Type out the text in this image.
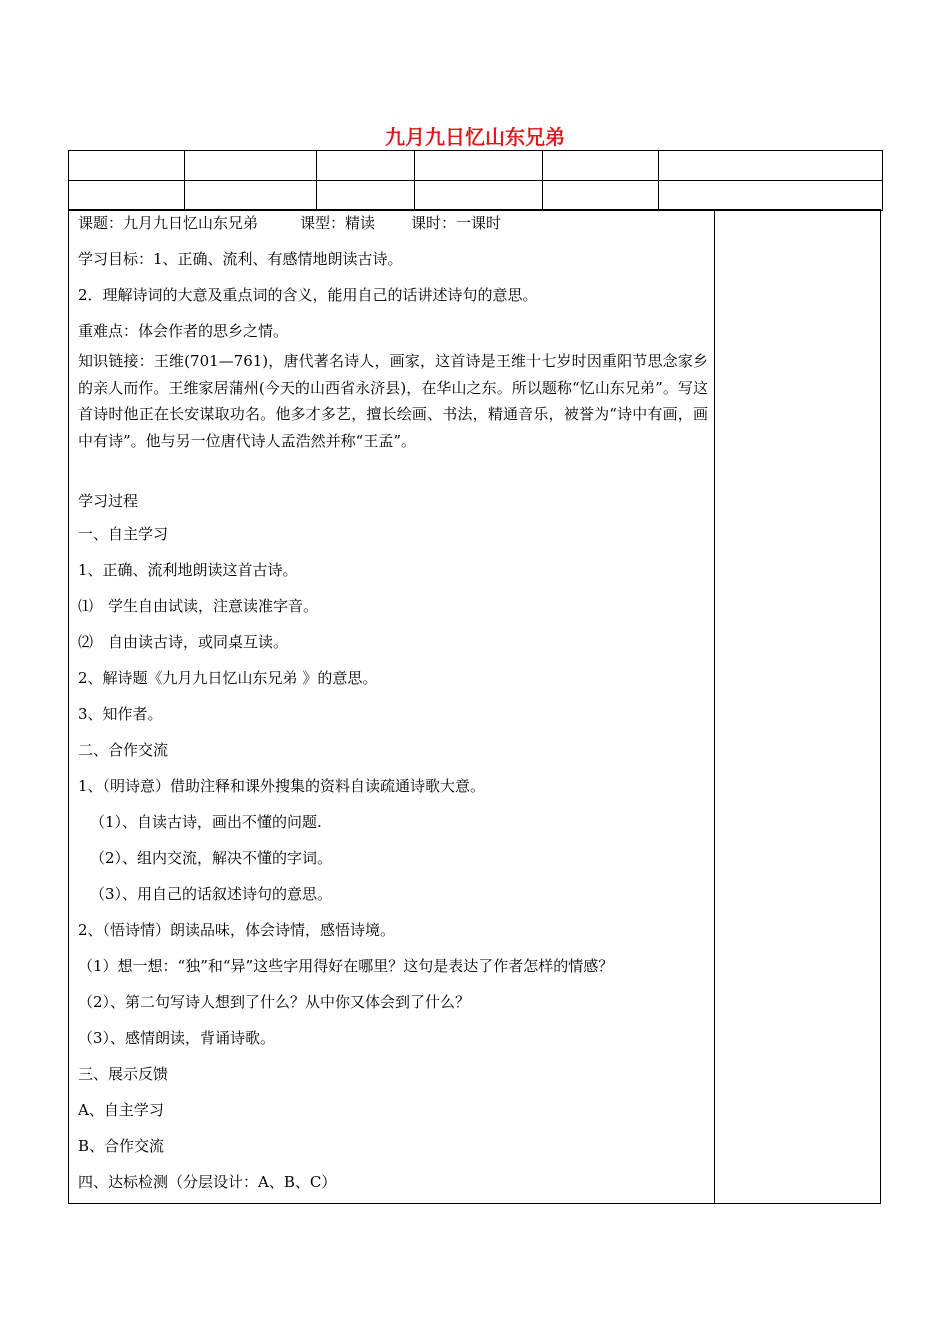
九月九日忆山东兄弟

课题：九月九日忆山东兄弟	课型：精读 课时：一课时
学习目标：1、正确、流利、有感情地朗读古诗。
2．理解诗词的大意及重点词的含义，能用自己的话讲述诗句的意思。
重难点：体会作者的思乡之情。
知识链接：王维(701—761)，唐代著名诗人，画家，这首诗是王维十七岁时因重阳节思念家乡的亲人而作。王维家居蒲州(今天的山西省永济县)，在华山之东。所以题称“忆山东兄弟”。写这首诗时他正在长安谋取功名。他多才多艺，擅长绘画、书法，精通音乐，被誉为“诗中有画，画中有诗”。他与另一位唐代诗人孟浩然并称“王孟”。
学习过程
一、自主学习
1、正确、流利地朗读这首古诗。
⑴　学生自由试读，注意读准字音。
⑵　自由读古诗，或同桌互读。
2、解诗题《九月九日忆山东兄弟 》的意思。
3、知作者。
二、合作交流
1、（明诗意）借助注释和课外搜集的资料自读疏通诗歌大意。
（1）、自读古诗，画出不懂的问题.
（2）、组内交流，解决不懂的字词。
（3）、用自己的话叙述诗句的意思。
2、（悟诗情）朗读品味，体会诗情，感悟诗境。
（1）想一想：“独”和“异”这些字用得好在哪里？这句是表达了作者怎样的情感？
（2）、第二句写诗人想到了什么？从中你又体会到了什么？
（3）、感情朗读，背诵诗歌。
三、展示反馈
A、自主学习
B、合作交流
四、达标检测（分层设计：A、B、C）
